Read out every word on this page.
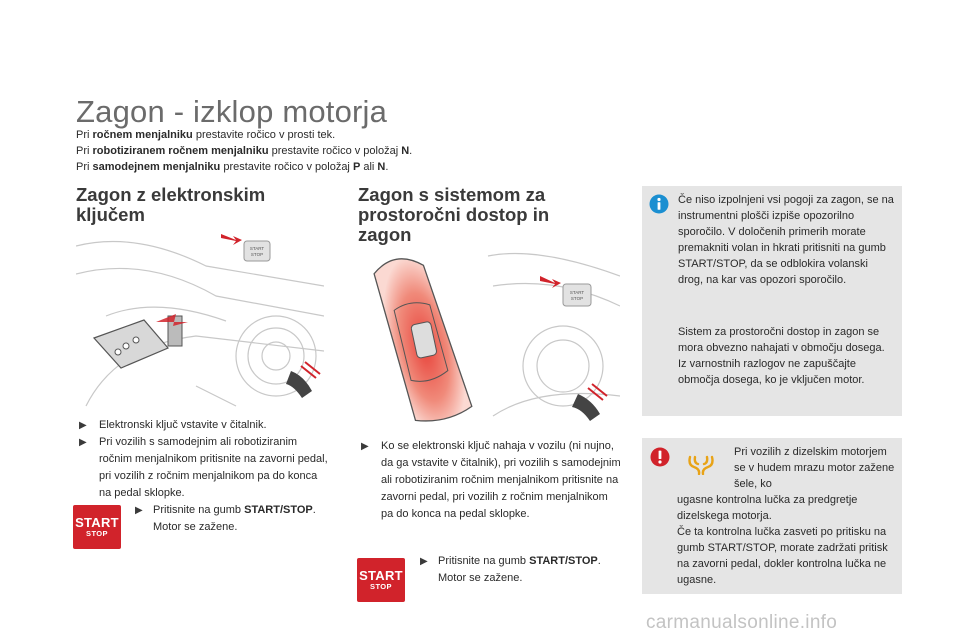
Zagon - izklop motorja
Pri ročnem menjalniku prestavite ročico v prosti tek.
Pri robotiziranem ročnem menjalniku prestavite ročico v položaj N.
Pri samodejnem menjalniku prestavite ročico v položaj P ali N.
Zagon z elektronskim ključem
START
STOP
▶ Elektronski ključ vstavite v čitalnik.
▶ Pri vozilih s samodejnim ali robotiziranim ročnim menjalnikom pritisnite na zavorni pedal, pri vozilih z ročnim menjalnikom pa do konca na pedal sklopke.
START
STOP
▶ Pritisnite na gumb START/STOP.
Motor se zažene.
Zagon s sistemom za prostoročni dostop in zagon
START
STOP
▶ Ko se elektronski ključ nahaja v vozilu (ni nujno, da ga vstavite v čitalnik), pri vozilih s samodejnim ali robotiziranim ročnim menjalnikom pritisnite na zavorni pedal, pri vozilih z ročnim menjalnikom pa do konca na pedal sklopke.
START
STOP
▶ Pritisnite na gumb START/STOP.
Motor se zažene.
Če niso izpolnjeni vsi pogoji za zagon, se na instrumentni plošči izpiše opozorilno sporočilo. V določenih primerih morate premakniti volan in hkrati pritisniti na gumb START/STOP, da se odblokira volanski drog, na kar vas opozori sporočilo.
Sistem za prostoročni dostop in zagon se mora obvezno nahajati v območju dosega.
Iz varnostnih razlogov ne zapuščajte območja dosega, ko je vključen motor.
Pri vozilih z dizelskim motorjem se v hudem mrazu motor zažene šele, ko
ugasne kontrolna lučka za predgretje dizelskega motorja.
Če ta kontrolna lučka zasveti po pritisku na gumb START/STOP, morate zadržati pritisk na zavorni pedal, dokler kontrolna lučka ne ugasne.
carmanualsonline.info
